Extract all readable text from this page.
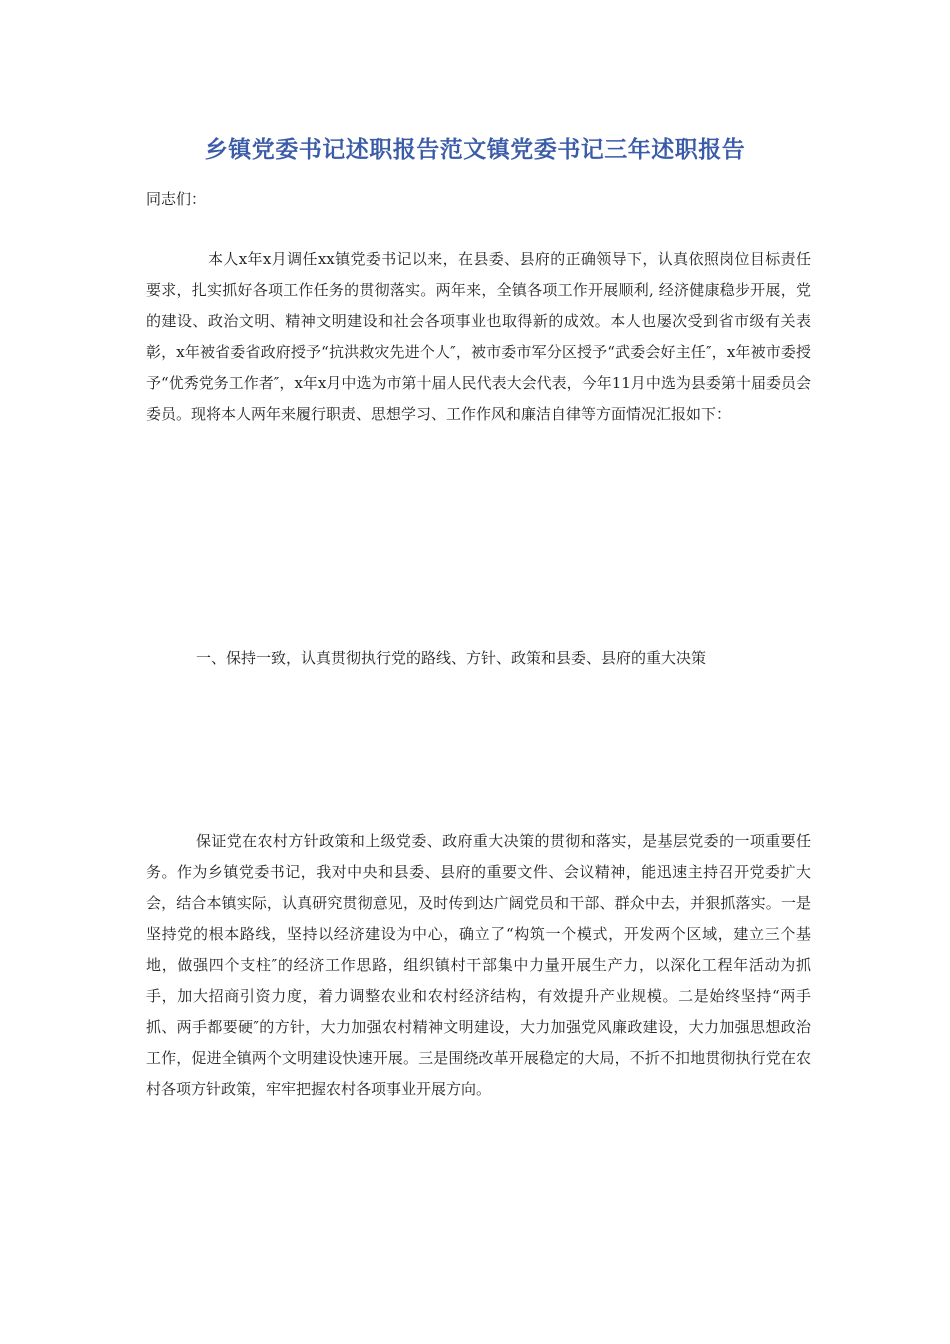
乡镇党委书记述职报告范文镇党委书记三年述职报告
同志们：

本人x年x月调任xx镇党委书记以来，在县委、县府的正确领导下，认真依照岗位目标责任要求，扎实抓好各项工作任务的贯彻落实。两年来，全镇各项工作开展顺利, 经济健康稳步开展，党的建设、政治文明、精神文明建设和社会各项事业也取得新的成效。本人也屡次受到省市级有关表彰，x年被省委省政府授予“抗洪救灾先进个人″，被市委市军分区授予“武委会好主任″，x年被市委授予“优秀党务工作者″，x年x月中选为市第十届人民代表大会代表，今年11月中选为县委第十届委员会委员。现将本人两年来履行职责、思想学习、工作作风和廉洁自律等方面情况汇报如下：

一、保持一致，认真贯彻执行党的路线、方针、政策和县委、县府的重大决策

保证党在农村方针政策和上级党委、政府重大决策的贯彻和落实，是基层党委的一项重要任务。作为乡镇党委书记，我对中央和县委、县府的重要文件、会议精神，能迅速主持召开党委扩大会，结合本镇实际，认真研究贯彻意见，及时传到达广阔党员和干部、群众中去，并狠抓落实。一是坚持党的根本路线，坚持以经济建设为中心，确立了“构筑一个模式，开发两个区域，建立三个基地，做强四个支柱″的经济工作思路，组织镇村干部集中力量开展生产力，以深化工程年活动为抓手，加大招商引资力度，着力调整农业和农村经济结构，有效提升产业规模。二是始终坚持“两手抓、两手都要硬″的方针，大力加强农村精神文明建设，大力加强党风廉政建设，大力加强思想政治工作，促进全镇两个文明建设快速开展。三是围绕改革开展稳定的大局，不折不扣地贯彻执行党在农村各项方针政策，牢牢把握农村各项事业开展方向。
